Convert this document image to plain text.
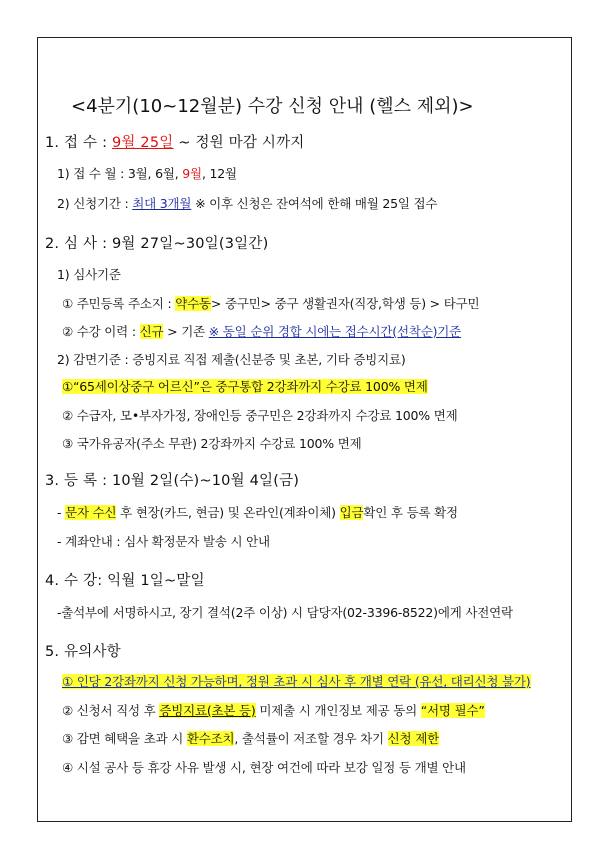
<4분기(10~12월분) 수강 신청 안내 (헬스 제외)>
1. 접 수 : 9월 25일 ~ 정원 마감 시까지
1) 접 수 월 : 3월, 6월, 9월, 12월
2) 신청기간 : 최대 3개월 ※ 이후 신청은 잔여석에 한해 매월 25일 접수
2. 심 사 : 9월 27일~30일(3일간)
1) 심사기준
① 주민등록 주소지 : 약수동> 중구민> 중구 생활권자(직장,학생 등) > 타구민
② 수강 이력 : 신규 > 기존 ※ 동일 순위 경합 시에는 접수시간(선착순)기준
2) 감면기준 : 증빙지료 직접 제출(신분증 및 초본, 기타 증빙지료)
①“65세이상중구 어르신”은 중구통합 2강좌까지 수강료 100% 면제
② 수급자, 모•부자가정, 장애인등 중구민은 2강좌까지 수강료 100% 면제
③ 국가유공자(주소 무관) 2강좌까지 수강료 100% 면제
3. 등 록 : 10월 2일(수)~10월 4일(금)
- 문자 수신 후 현장(카드, 현금) 및 온라인(계좌이체) 입금확인 후 등록 확정
- 계좌안내 : 심사 확정문자 발송 시 안내
4. 수 강: 익월 1일~말일
-출석부에 서명하시고, 장기 결석(2주 이상) 시 담당자(02-3396-8522)에게 사전연락
5. 유의사항
① 인당 2강좌까지 신청 가능하며, 정원 초과 시 심사 후 개별 연락 (유선, 대리신청 불가)
② 신청서 직성 후 증빙지료(초본 등) 미제출 시 개인징보 제공 동의 “서명 필수”
③ 감면 혜택을 초과 시 환수조치, 출석률이 저조할 경우 차기 신청 제한
④ 시설 공사 등 휴강 사유 발생 시, 현장 여건에 따라 보강 일정 등 개별 안내
